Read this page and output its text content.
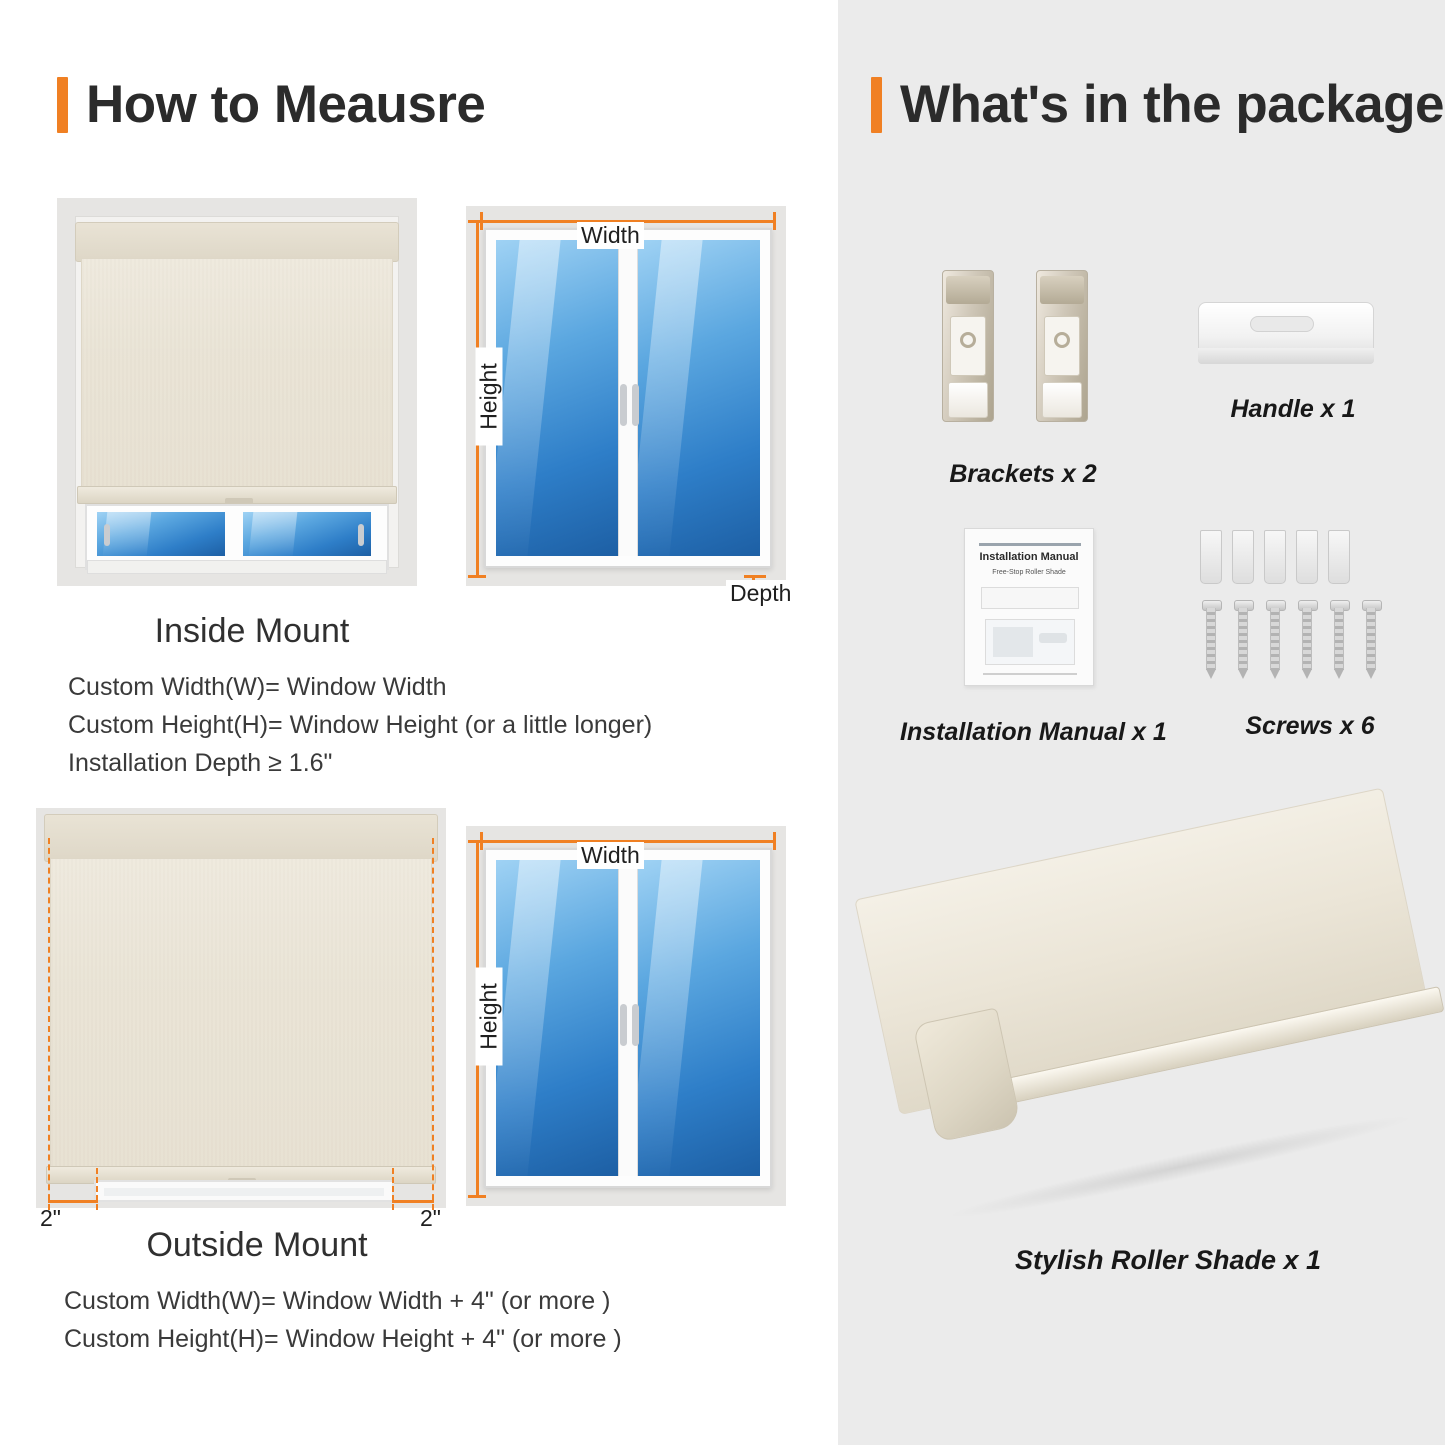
How to Meausre
Width
Height
Depth
Inside Mount
Custom Width(W)= Window Width
Custom Height(H)= Window Height (or a little longer)
Installation Depth ≥ 1.6"
2"	2"
Width
Height
Outside Mount
Custom Width(W)= Window Width + 4" (or more )
Custom Height(H)= Window Height + 4" (or more )
What's in the package
Brackets x 2
Handle x 1
Installation Manual
Free-Stop Roller Shade
Installation Manual x 1	Screws x 6
Stylish Roller Shade x 1
